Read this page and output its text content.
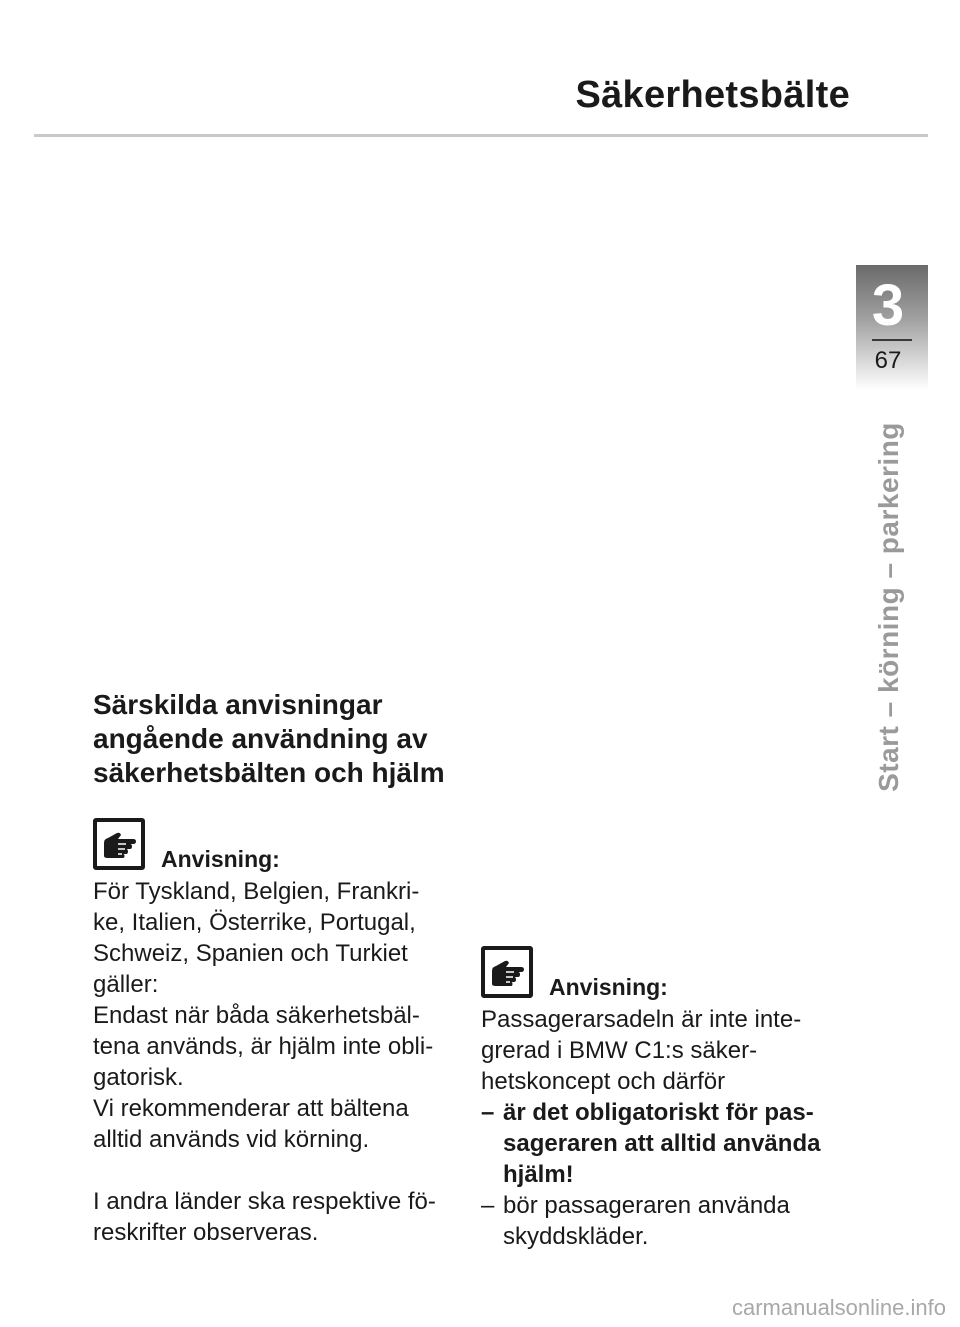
Säkerhetsbälte
3
67
Start – körning – parkering
Särskilda anvisningar
angående användning av
säkerhetsbälten och hjälm
Anvisning:
För Tyskland, Belgien, Frankri-
ke, Italien, Österrike, Portugal,
Schweiz, Spanien och Turkiet
gäller:
Endast när båda säkerhetsbäl-
tena används, är hjälm inte obli-
gatorisk.
Vi rekommenderar att bältena
alltid används vid körning.
I andra länder ska respektive fö-
reskrifter observeras.
Anvisning:
Passagerarsadeln är inte inte-
grerad i BMW C1:s säker-
hetskoncept och därför
– är det obligatoriskt för pas-
sageraren att alltid använda
hjälm!
– bör passageraren använda
skyddskläder.
carmanualsonline.info
